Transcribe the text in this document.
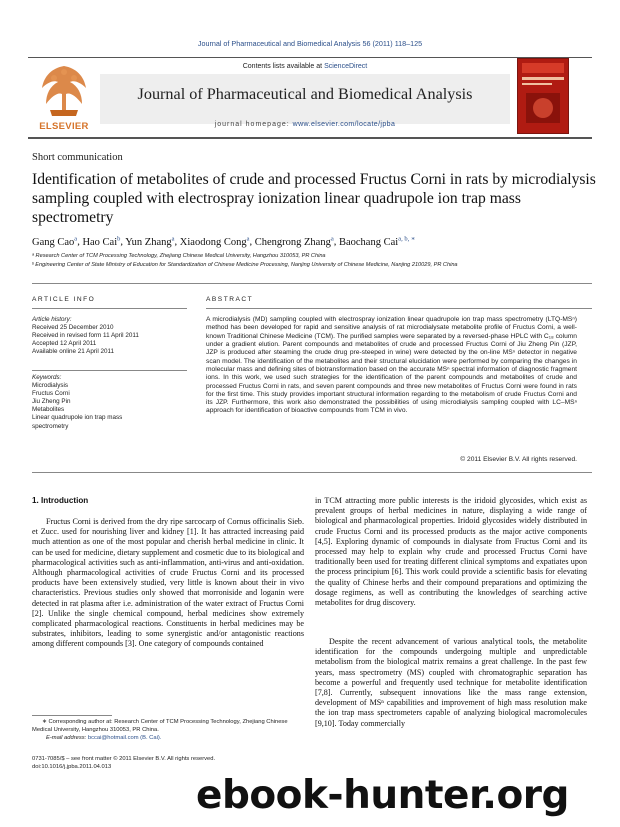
Journal of Pharmaceutical and Biomedical Analysis 56 (2011) 118–125
ELSEVIER
Contents lists available at ScienceDirect
Journal of Pharmaceutical and Biomedical Analysis
journal homepage: www.elsevier.com/locate/jpba
Short communication
Identification of metabolites of crude and processed Fructus Corni in rats by microdialysis sampling coupled with electrospray ionization linear quadrupole ion trap mass spectrometry
Gang Cao$^a$, Hao Cai$^b$, Yun Zhang$^a$, Xiaodong Cong$^a$, Chengrong Zhang$^a$, Baochang Cai$^{a, b, ∗}$
ᵃ Research Center of TCM Processing Technology, Zhejiang Chinese Medical University, Hangzhou 310053, PR China
ᵇ Engineering Center of State Ministry of Education for Standardization of Chinese Medicine Processing, Nanjing University of Chinese Medicine, Nanjing 210029, PR China
ARTICLE INFO
Article history:
Received 25 December 2010
Received in revised form 11 April 2011
Accepted 12 April 2011
Available online 21 April 2011
Keywords:
Microdialysis
Fructus Corni
Jiu Zheng Pin
Metabolites
Linear quadrupole ion trap mass
spectrometry
ABSTRACT
A microdialysis (MD) sampling coupled with electrospray ionization linear quadrupole ion trap mass spectrometry (LTQ-MSⁿ) method has been developed for rapid and sensitive analysis of rat microdialysate metabolite profile of Fructus Corni, a well-known Traditional Chinese Medicine (TCM). The purified samples were separated by a reversed-phase HPLC with C₁₈ column under a gradient elution. Parent compounds and metabolites of crude and processed Fructus Corni of Jiu Zheng Pin (JZP, JZP is produced after steaming the crude drug pre-steeped in wine) were detected by the on-line MSⁿ detector in negative scan model. The identification of the metabolites and their structural elucidation were performed by comparing the changes in molecular mass and defining sites of biotransformation based on the accurate MSⁿ spectral information of diagnostic fragment ions. In this work, we used such strategies for the identification of the parent compounds and metabolites of crude and processed Fructus Corni in rats, and seven parent compounds and three new metabolites of Fructus Corni were found in rats for the first time. This study provides important structural information regarding to the metabolism of crude Fructus Corni and its JZP. Furthermore, this work also demonstrated the possibilities of using microdialysis sampling coupled with LC–MSⁿ approach for identification of bioactive compounds from TCM in vivo.
© 2011 Elsevier B.V. All rights reserved.
1. Introduction
Fructus Corni is derived from the dry ripe sarcocarp of Cornus officinalis Sieb. et Zucc. used for nourishing liver and kidney [1]. It has attracted increasing paid much attention as one of the most popular and cherish herbal medicine in clinic. It can be used for medicine, dietary supplement and cosmetic due to its biological and pharmacological activities such as anti-inflammation, anti-virus and anti-oxidation. Although pharmacological activities of crude Fructus Corni and its processed products have been extensively studied, very little is known about their in vivo characteristics. Previous studies only showed that morroniside and loganin were detected in rat plasma after i.e. administration of the water extract of Fructus Corni [2]. Unlike the single chemical compound, herbal medicines show extremely complicated pharmacological reactions. Constituents in herbal medicines may be substrates, inhibitors, leading to some synergistic and/or antagonistic reactions among different compounds [3]. One category of compounds contained
in TCM attracting more public interests is the iridoid glycosides, which exist as prevalent groups of herbal medicines in nature, displaying a wide range of biological and pharmacological properties. Iridoid glycosides widely distributed in crude Fructus Corni and its processed products as the major active components [4,5]. Exploring dynamic of compounds in dialysate from Fructus Corni and its processed may help to explain why crude and processed Fructus Corni have traditionally been used for treating different clinical symptoms and expatiates upon the process principium [6]. This work could provide a scientific basis for elevating the quality of Chinese herbs and their compound preparations and optimizing the dosage regimens, as well as contributing the knowledges of searching active metabolites for drug discovery.
Despite the recent advancement of various analytical tools, the metabolite identification for the compounds undergoing multiple and unpredictable metabolism from the biological matrix remains a great challenge. In the past few years, mass spectrometry (MS) coupled with chromatographic separation has become a powerful and frequently used technique for metabolite identification [7,8]. Currently, subsequent innovations like the mass range extension, development of MSⁿ capabilities and improvement of high mass resolution make the ion trap mass spectrometers capable of analyzing biological macromolecules [9,10]. Today commercially
∗ Corresponding author at: Research Center of TCM Processing Technology, Zhejiang Chinese Medical University, Hangzhou 310053, PR China.
E-mail address: bccai@hotmail.com (B. Cai).
0731-7085/$ – see front matter © 2011 Elsevier B.V. All rights reserved.
doi:10.1016/j.jpba.2011.04.013
ebook-hunter.org
